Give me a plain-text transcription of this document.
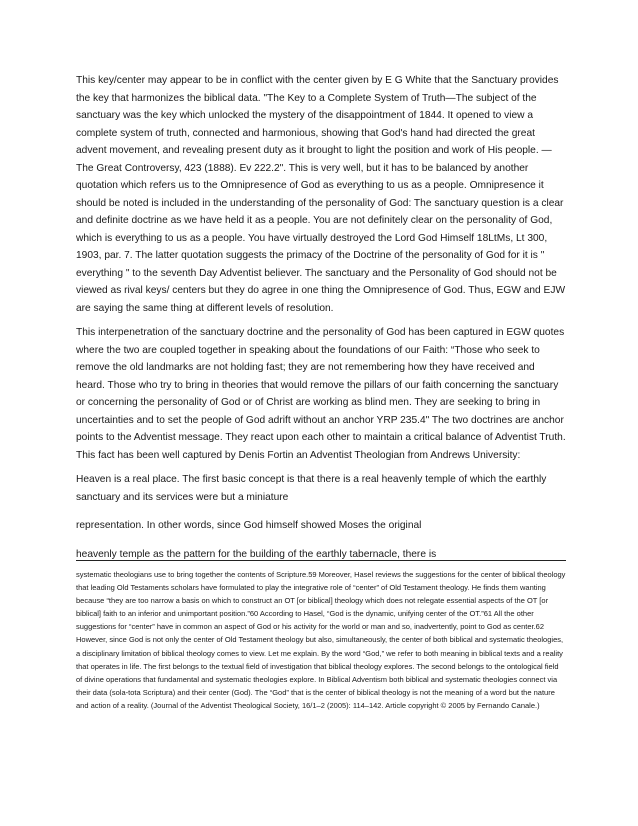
This key/center may appear to be in conflict with the center given by E G White that the Sanctuary provides the key that harmonizes the biblical data. "The Key to a Complete System of Truth—The subject of the sanctuary was the key which unlocked the mystery of the disappointment of 1844. It opened to view a complete system of truth, connected and harmonious, showing that God's hand had directed the great advent movement, and revealing present duty as it brought to light the position and work of His people. —The Great Controversy, 423 (1888). Ev 222.2". This is very well, but it has to be balanced by another quotation which refers us to the Omnipresence of God as everything to us as a people. Omnipresence it should be noted is included in the understanding of the personality of God: The sanctuary question is a clear and definite doctrine as we have held it as a people. You are not definitely clear on the personality of God, which is everything to us as a people. You have virtually destroyed the Lord God Himself 18LtMs, Lt 300, 1903, par. 7. The latter quotation suggests the primacy of the Doctrine of the personality of God for it is " everything " to the seventh Day Adventist believer. The sanctuary and the Personality of God should not be viewed as rival keys/ centers but they do agree in one thing the Omnipresence of God. Thus, EGW and EJW are saying the same thing at different levels of resolution.

This interpenetration of the sanctuary doctrine and the personality of God has been captured in EGW quotes where the two are coupled together in speaking about the foundations of our Faith: “Those who seek to remove the old landmarks are not holding fast; they are not remembering how they have received and heard. Those who try to bring in theories that would remove the pillars of our faith concerning the sanctuary or concerning the personality of God or of Christ are working as blind men. They are seeking to bring in uncertainties and to set the people of God adrift without an anchor YRP 235.4" The two doctrines are anchor points to the Adventist message. They react upon each other to maintain a critical balance of Adventist Truth. This fact has been well captured by Denis Fortin an Adventist Theologian from Andrews University:

Heaven is a real place. The first basic concept is that there is a real heavenly temple of which the earthly sanctuary and its services were but a miniature

representation. In other words, since God himself showed Moses the original

heavenly temple as the pattern for the building of the earthly tabernacle, there is

systematic theologians use to bring together the contents of Scripture.59 Moreover, Hasel reviews the suggestions for the center of biblical theology that leading Old Testaments scholars have formulated to play the integrative role of “center” of Old Testament theology. He finds them wanting because “they are too narrow a basis on which to construct an OT [or biblical] theology which does not relegate essential aspects of the OT [or biblical] faith to an inferior and unimportant position.”60 According to Hasel, “God is the dynamic, unifying center of the OT.”61 All the other suggestions for “center” have in common an aspect of God or his activity for the world or man and so, inadvertently, point to God as center.62 However, since God is not only the center of Old Testament theology but also, simultaneously, the center of both biblical and systematic theologies, a disciplinary limitation of biblical theology comes to view. Let me explain. By the word “God,” we refer to both meaning in biblical texts and a reality that operates in life. The first belongs to the textual field of investigation that biblical theology explores. The second belongs to the ontological field of divine operations that fundamental and systematic theologies explore. In Biblical Adventism both biblical and systematic theologies connect via their data (sola-tota Scriptura) and their center (God). The “God” that is the center of biblical theology is not the meaning of a word but the nature and action of a reality. (Journal of the Adventist Theological Society, 16/1–2 (2005): 114–142. Article copyright © 2005 by Fernando Canale.)
